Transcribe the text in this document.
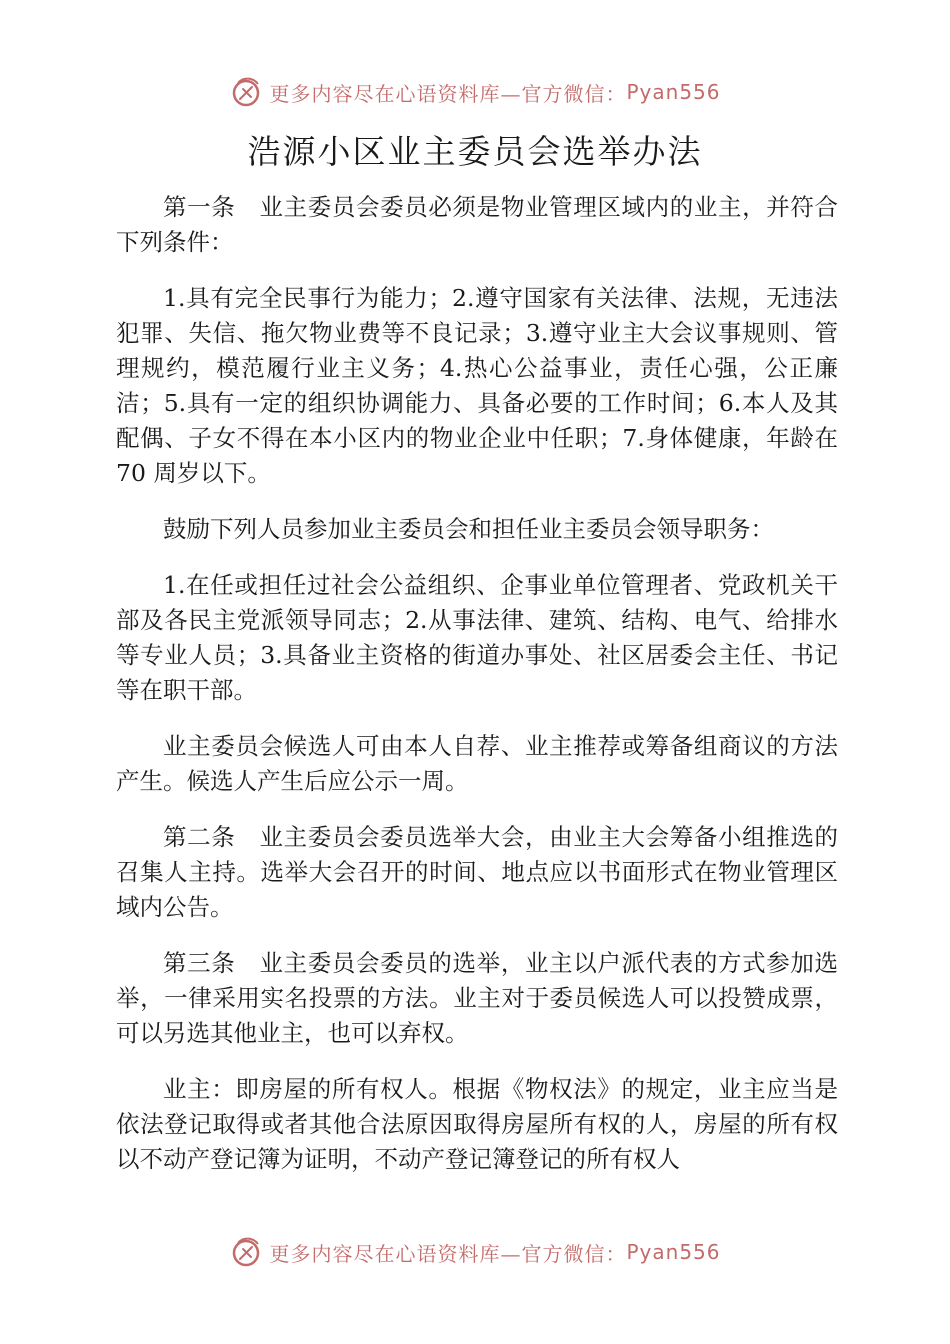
更多内容尽在心语资料库—官方微信： Pyan556
浩源小区业主委员会选举办法

第一条　业主委员会委员必须是物业管理区域内的业主，并符合下列条件：

1.具有完全民事行为能力；2.遵守国家有关法律、法规，无违法犯罪、失信、拖欠物业费等不良记录；3.遵守业主大会议事规则、管理规约，模范履行业主义务；4.热心公益事业，责任心强，公正廉洁；5.具有一定的组织协调能力、具备必要的工作时间；6.本人及其配偶、子女不得在本小区内的物业企业中任职；7.身体健康，年龄在 70 周岁以下。

鼓励下列人员参加业主委员会和担任业主委员会领导职务：

1.在任或担任过社会公益组织、企事业单位管理者、党政机关干部及各民主党派领导同志；2.从事法律、建筑、结构、电气、给排水等专业人员；3.具备业主资格的街道办事处、社区居委会主任、书记等在职干部。

业主委员会候选人可由本人自荐、业主推荐或筹备组商议的方法产生。候选人产生后应公示一周。

第二条　业主委员会委员选举大会，由业主大会筹备小组推选的召集人主持。选举大会召开的时间、地点应以书面形式在物业管理区域内公告。

第三条　业主委员会委员的选举，业主以户派代表的方式参加选举，一律采用实名投票的方法。业主对于委员候选人可以投赞成票，可以另选其他业主，也可以弃权。

业主：即房屋的所有权人。根据《物权法》的规定，业主应当是依法登记取得或者其他合法原因取得房屋所有权的人，房屋的所有权以不动产登记簿为证明，不动产登记簿登记的所有权人

更多内容尽在心语资料库—官方微信： Pyan556
